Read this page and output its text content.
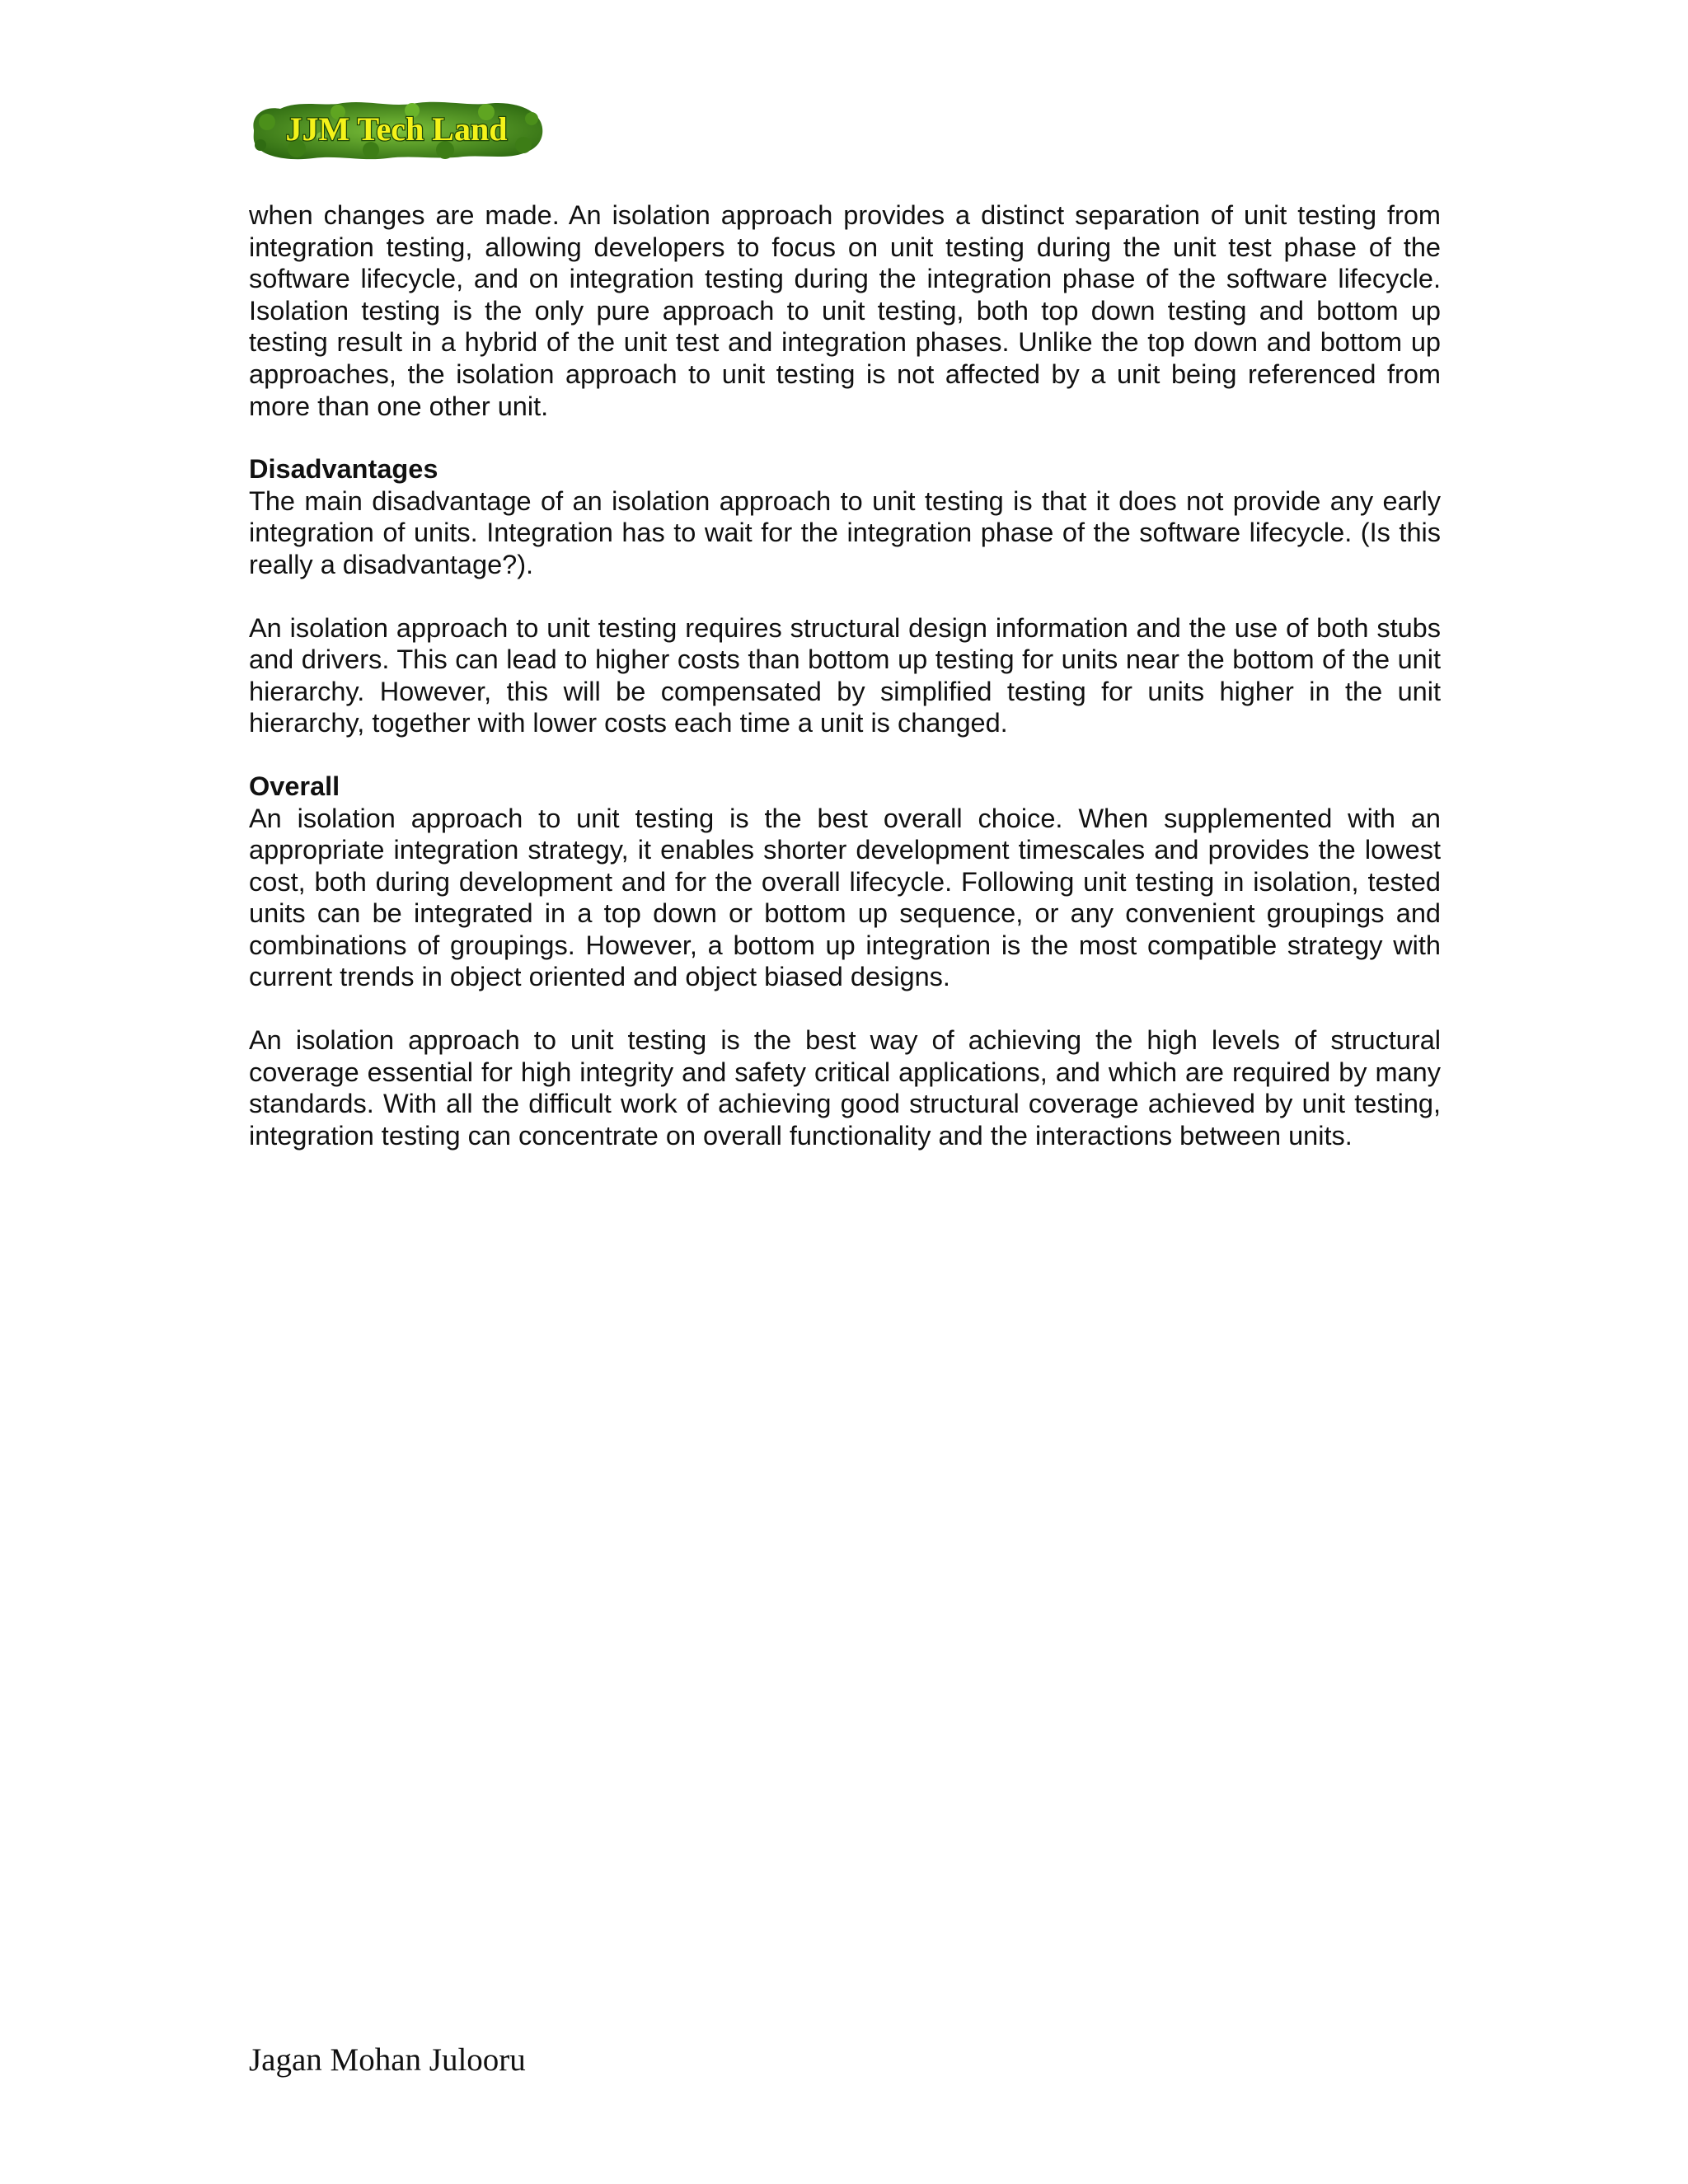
JJM Tech Land

when changes are made. An isolation approach provides a distinct separation of unit testing from integration testing, allowing developers to focus on unit testing during the unit test phase of the software lifecycle, and on integration testing during the integration phase of the software lifecycle. Isolation testing is the only pure approach to unit testing, both top down testing and bottom up testing result in a hybrid of the unit test and integration phases. Unlike the top down and bottom up approaches, the isolation approach to unit testing is not affected by a unit being referenced from more than one other unit.

Disadvantages

The main disadvantage of an isolation approach to unit testing is that it does not provide any early integration of units. Integration has to wait for the integration phase of the software lifecycle. (Is this really a disadvantage?).

An isolation approach to unit testing requires structural design information and the use of both stubs and drivers. This can lead to higher costs than bottom up testing for units near the bottom of the unit hierarchy. However, this will be compensated by simplified testing for units higher in the unit hierarchy, together with lower costs each time a unit is changed.

Overall

An isolation approach to unit testing is the best overall choice. When supplemented with an appropriate integration strategy, it enables shorter development timescales and provides the lowest cost, both during development and for the overall lifecycle. Following unit testing in isolation, tested units can be integrated in a top down or bottom up sequence, or any convenient groupings and combinations of groupings. However, a bottom up integration is the most compatible strategy with current trends in object oriented and object biased designs.

An isolation approach to unit testing is the best way of achieving the high levels of structural coverage essential for high integrity and safety critical applications, and which are required by many standards. With all the difficult work of achieving good structural coverage achieved by unit testing, integration testing can concentrate on overall functionality and the interactions between units.

Jagan Mohan Julooru
